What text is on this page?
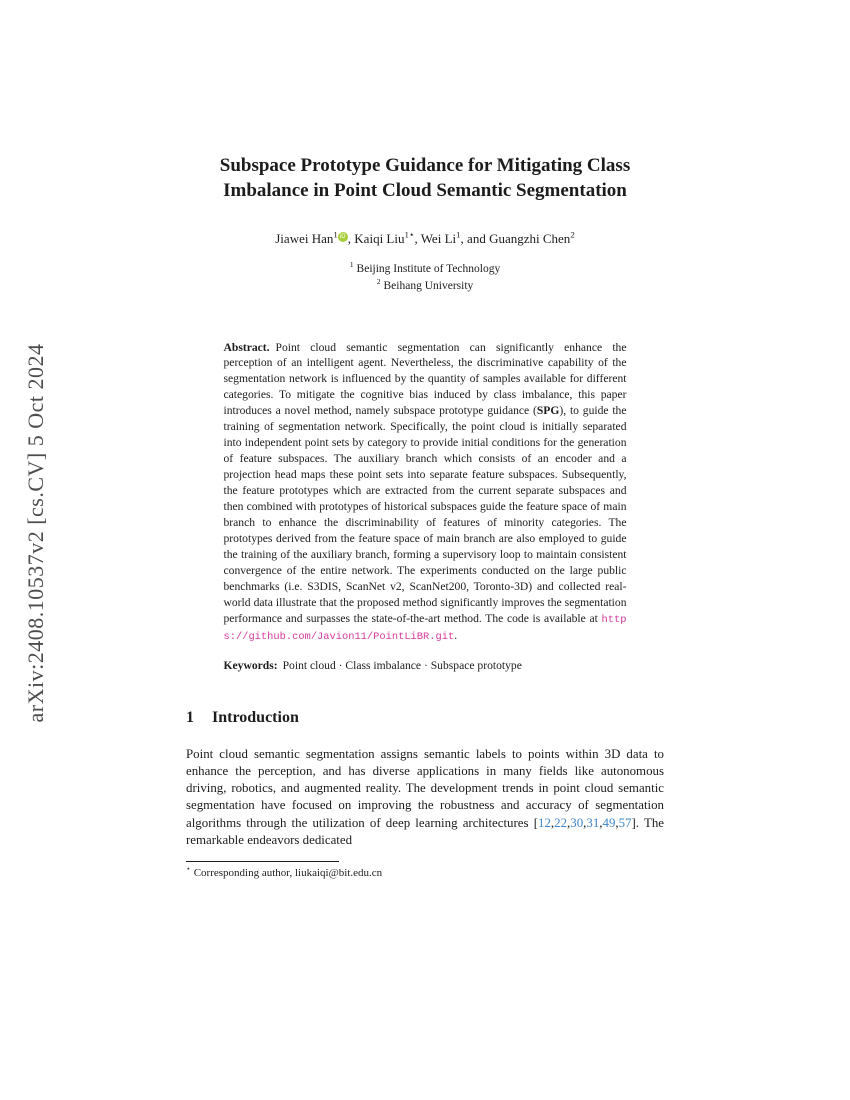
arXiv:2408.10537v2 [cs.CV] 5 Oct 2024
Subspace Prototype Guidance for Mitigating Class Imbalance in Point Cloud Semantic Segmentation
Jiawei Han$^1$ iD , Kaiqi Liu$^{1⋆}$, Wei Li$^1$, and Guangzhi Chen$^2$
$^1$ Beijing Institute of Technology
$^2$ Beihang University
Abstract. Point cloud semantic segmentation can significantly enhance the perception of an intelligent agent. Nevertheless, the discriminative capability of the segmentation network is influenced by the quantity of samples available for different categories. To mitigate the cognitive bias induced by class imbalance, this paper introduces a novel method, namely subspace prototype guidance (SPG), to guide the training of segmentation network. Specifically, the point cloud is initially separated into independent point sets by category to provide initial conditions for the generation of feature subspaces. The auxiliary branch which consists of an encoder and a projection head maps these point sets into separate feature subspaces. Subsequently, the feature prototypes which are extracted from the current separate subspaces and then combined with prototypes of historical subspaces guide the feature space of main branch to enhance the discriminability of features of minority categories. The prototypes derived from the feature space of main branch are also employed to guide the training of the auxiliary branch, forming a supervisory loop to maintain consistent convergence of the entire network. The experiments conducted on the large public benchmarks (i.e. S3DIS, ScanNet v2, ScanNet200, Toronto-3D) and collected real-world data illustrate that the proposed method significantly improves the segmentation performance and surpasses the state-of-the-art method. The code is available at https://github.com/Javion11/PointLiBR.git.
Keywords: Point cloud · Class imbalance · Subspace prototype
1 Introduction
Point cloud semantic segmentation assigns semantic labels to points within 3D data to enhance the perception, and has diverse applications in many fields like autonomous driving, robotics, and augmented reality. The development trends in point cloud semantic segmentation have focused on improving the robustness and accuracy of segmentation algorithms through the utilization of deep learning architectures [12,22,30,31,49,57]. The remarkable endeavors dedicated
⋆ Corresponding author, liukaiqi@bit.edu.cn
